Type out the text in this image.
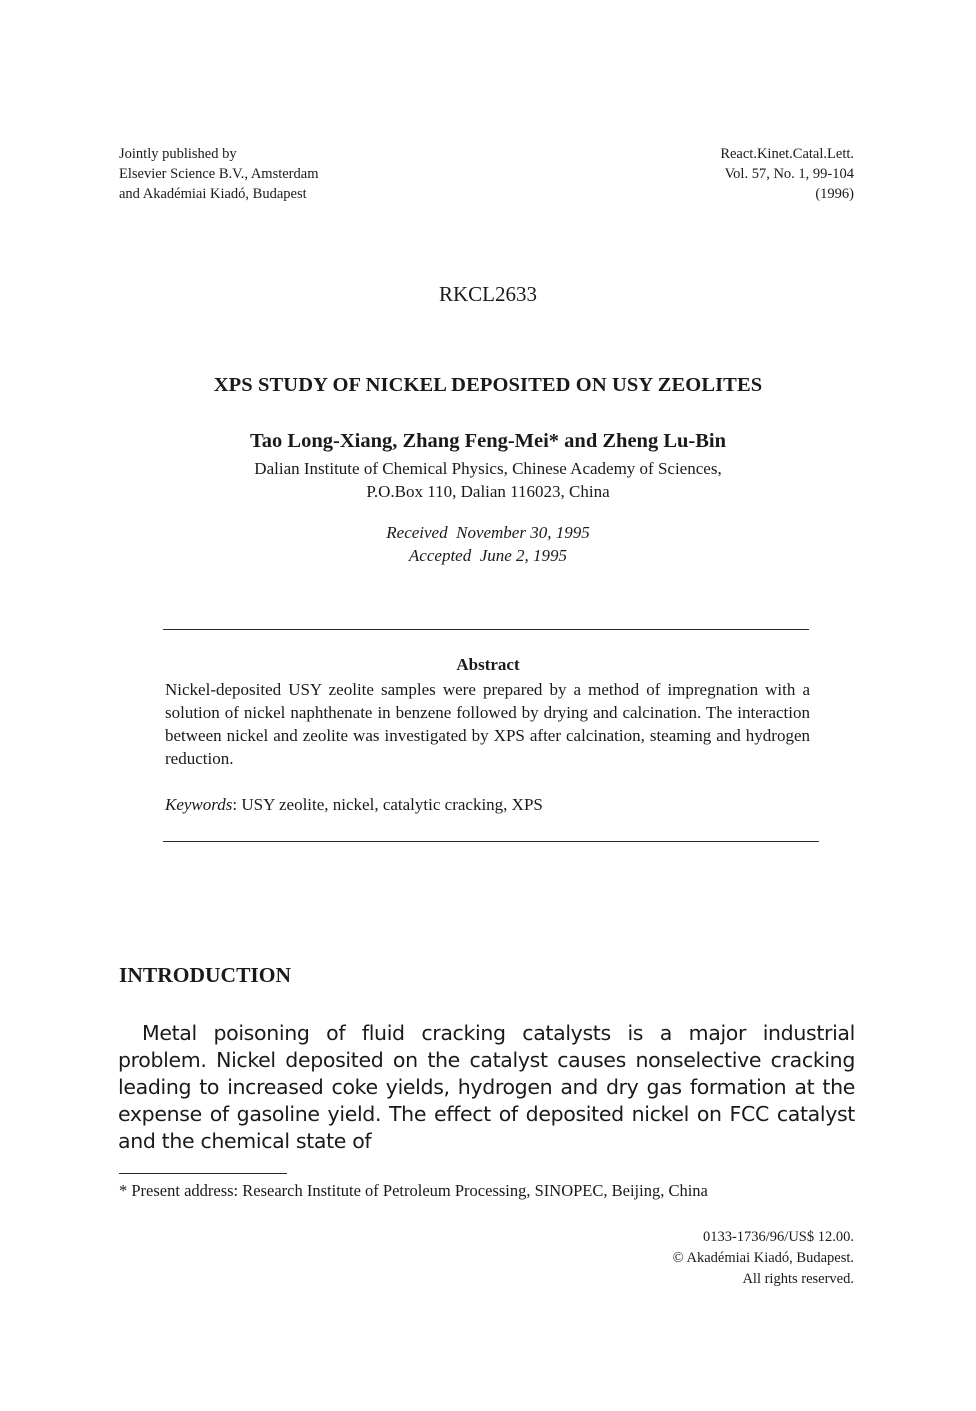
Jointly published by
Elsevier Science B.V., Amsterdam
and Akadémiai Kiadó, Budapest
React.Kinet.Catal.Lett.
Vol. 57, No. 1, 99-104
(1996)
RKCL2633
XPS STUDY OF NICKEL DEPOSITED ON USY ZEOLITES
Tao Long-Xiang, Zhang Feng-Mei* and Zheng Lu-Bin
Dalian Institute of Chemical Physics, Chinese Academy of Sciences,
P.O.Box 110, Dalian 116023, China
Received  November 30, 1995
Accepted  June 2, 1995
Abstract
Nickel-deposited USY zeolite samples were prepared by a method of impregnation with a solution of nickel naphthenate in benzene followed by drying and calcination. The interaction between nickel and zeolite was investigated by XPS after calcination, steaming and hydrogen reduction.
Keywords: USY zeolite, nickel, catalytic cracking, XPS
INTRODUCTION
Metal poisoning of fluid cracking catalysts is a major industrial problem. Nickel deposited on the catalyst causes nonselective cracking leading to increased coke yields, hydrogen and dry gas formation at the expense of gasoline yield. The effect of deposited nickel on FCC catalyst and the chemical state of
* Present address: Research Institute of Petroleum Processing, SINOPEC, Beijing, China
0133-1736/96/US$ 12.00.
© Akadémiai Kiadó, Budapest.
All rights reserved.
